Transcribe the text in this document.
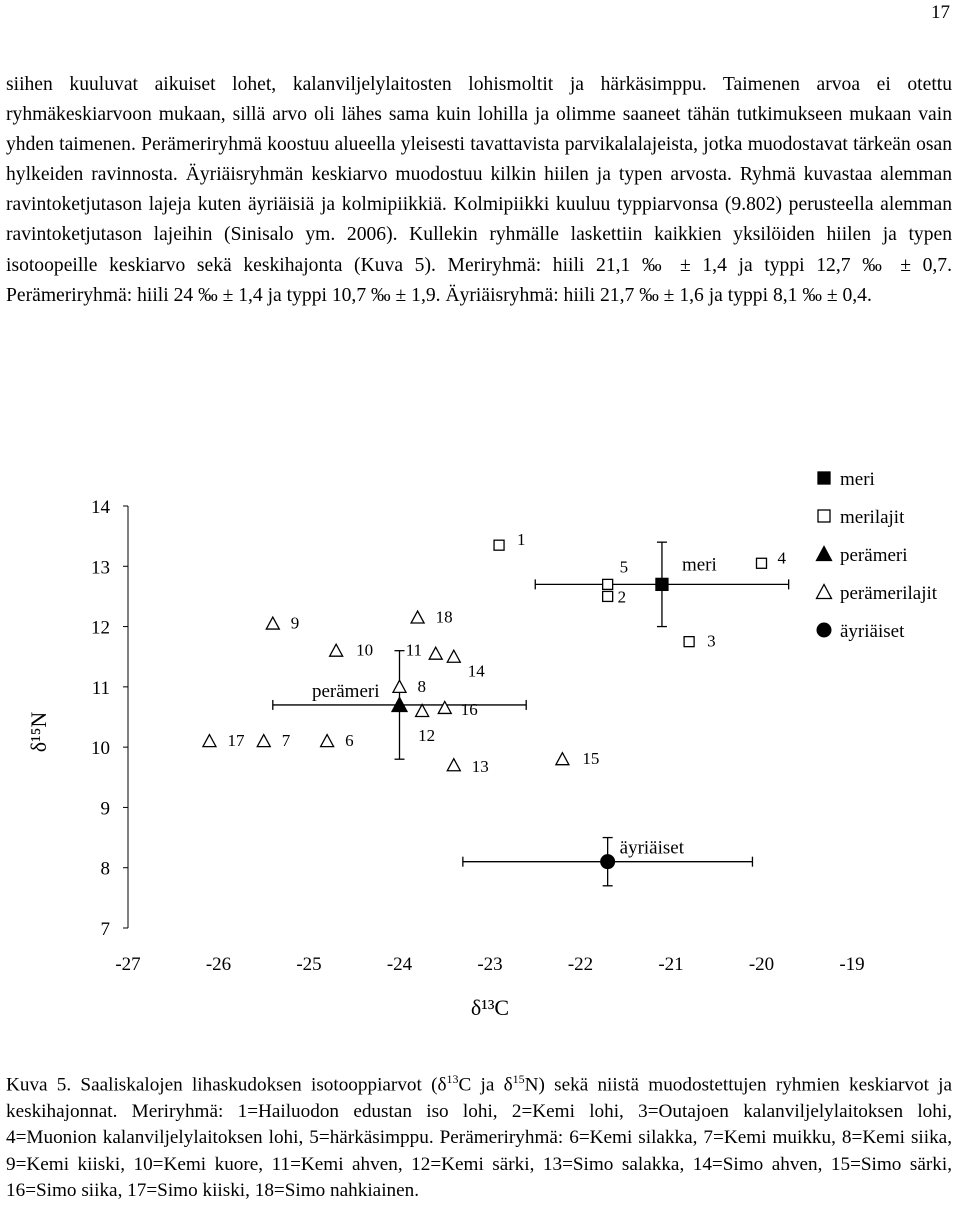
17

siihen kuuluvat aikuiset lohet, kalanviljelylaitosten lohismoltit ja härkäsimppu. Taimenen arvoa ei otettu ryhmäkeskiarvoon mukaan, sillä arvo oli lähes sama kuin lohilla ja olimme saaneet tähän tutkimukseen mukaan vain yhden taimenen. Perämeriryhmä koostuu alueella yleisesti tavattavista parvikalalajeista, jotka muodostavat tärkeän osan hylkeiden ravinnosta. Äyriäisryhmän keskiarvo muodostuu kilkin hiilen ja typen arvosta. Ryhmä kuvastaa alemman ravintoketjutason lajeja kuten äyriäisiä ja kolmipiikkiä. Kolmipiikki kuuluu typpiarvonsa (9.802) perusteella alemman ravintoketjutason lajeihin (Sinisalo ym. 2006). Kullekin ryhmälle laskettiin kaikkien yksilöiden hiilen ja typen isotoopeille keskiarvo sekä keskihajonta (Kuva 5). Meriryhmä: hiili 21,1 ‰ ± 1,4 ja typpi 12,7 ‰ ± 0,7. Perämeriryhmä: hiili 24 ‰ ± 1,4 ja typpi 10,7 ‰ ± 1,9. Äyriäisryhmä: hiili 21,7 ‰ ± 1,6 ja typpi 8,1 ‰ ± 0,4.

7
8
9
10
11
12
13
14
-27	-26	-25	-24	-23	-22	-21	-20	-19
δ¹³C
δ¹⁵N
1
2
3
4
5
6
7
8
9
10 11
12
13
14
15
16
17
18
meri
perämeri
äyriäiset
meri
merilajit
perämeri
perämerilajit
äyriäiset

Kuva 5. Saaliskalojen lihaskudoksen isotooppiarvot ($\delta^{13}C$ ja $\delta^{15}N$) sekä niistä muodostettujen ryhmien keskiarvot ja keskihajonnat. Meriryhmä: 1=Hailuodon edustan iso lohi, 2=Kemi lohi, 3=Outajoen kalanviljelylaitoksen lohi, 4=Muonion kalanviljelylaitoksen lohi, 5=härkäsimppu. Perämeriryhmä: 6=Kemi silakka, 7=Kemi muikku, 8=Kemi siika, 9=Kemi kiiski, 10=Kemi kuore, 11=Kemi ahven, 12=Kemi särki, 13=Simo salakka, 14=Simo ahven, 15=Simo särki, 16=Simo siika, 17=Simo kiiski, 18=Simo nahkiainen.
